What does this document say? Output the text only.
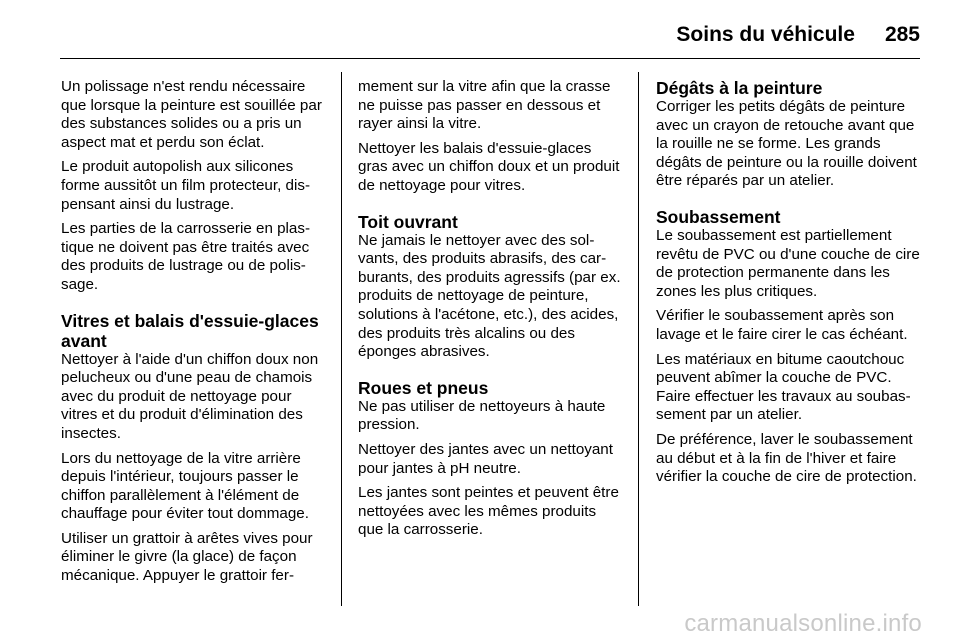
Soins du véhicule 285

Un polissage n'est rendu nécessaire que lorsque la peinture est souillée par des substances solides ou a pris un aspect mat et perdu son éclat.

Le produit autopolish aux silicones forme aussitôt un film protecteur, dispensant ainsi du lustrage.

Les parties de la carrosserie en plastique ne doivent pas être traités avec des produits de lustrage ou de polissage.

Vitres et balais d'essuie-glaces avant

Nettoyer à l'aide d'un chiffon doux non pelucheux ou d'une peau de chamois avec du produit de nettoyage pour vitres et du produit d'élimination des insectes.

Lors du nettoyage de la vitre arrière depuis l'intérieur, toujours passer le chiffon parallèlement à l'élément de chauffage pour éviter tout dommage.

Utiliser un grattoir à arêtes vives pour éliminer le givre (la glace) de façon mécanique. Appuyer le grattoir fer-

mement sur la vitre afin que la crasse ne puisse pas passer en dessous et rayer ainsi la vitre.

Nettoyer les balais d'essuie-glaces gras avec un chiffon doux et un produit de nettoyage pour vitres.

Toit ouvrant

Ne jamais le nettoyer avec des solvants, des produits abrasifs, des carburants, des produits agressifs (par ex. produits de nettoyage de peinture, solutions à l'acétone, etc.), des acides, des produits très alcalins ou des éponges abrasives.

Roues et pneus

Ne pas utiliser de nettoyeurs à haute pression.

Nettoyer des jantes avec un nettoyant pour jantes à pH neutre.

Les jantes sont peintes et peuvent être nettoyées avec les mêmes produits que la carrosserie.

Dégâts à la peinture

Corriger les petits dégâts de peinture avec un crayon de retouche avant que la rouille ne se forme. Les grands dégâts de peinture ou la rouille doivent être réparés par un atelier.

Soubassement

Le soubassement est partiellement revêtu de PVC ou d'une couche de cire de protection permanente dans les zones les plus critiques.

Vérifier le soubassement après son lavage et le faire cirer le cas échéant.

Les matériaux en bitume caoutchouc peuvent abîmer la couche de PVC. Faire effectuer les travaux au soubassement par un atelier.

De préférence, laver le soubassement au début et à la fin de l'hiver et faire vérifier la couche de cire de protection.

carmanualsonline.info
